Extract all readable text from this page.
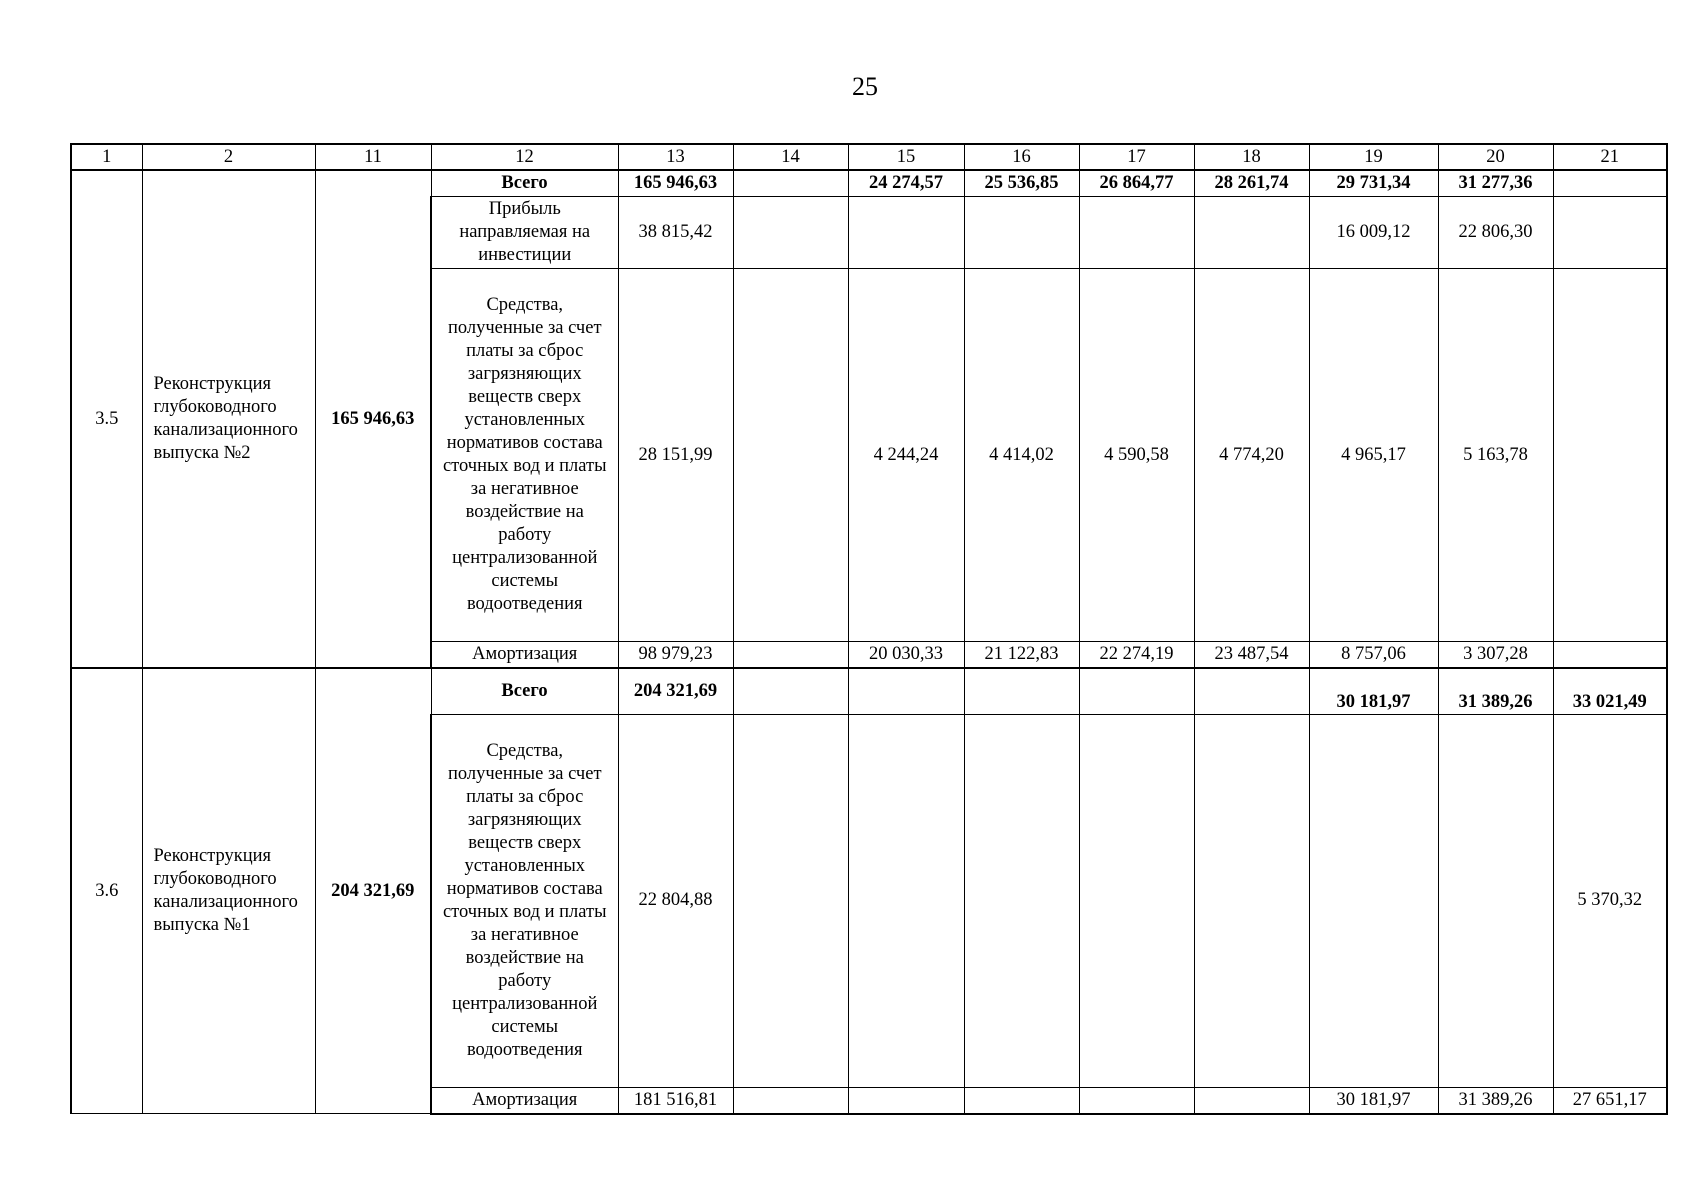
25
1	2	11	12	13	14	15	16	17	18	19	20	21
3.5	Реконструкция глубоководного канализационного выпуска №2	165 946,63	Всего	165 946,63		24 274,57	25 536,85	26 864,77	28 261,74	29 731,34	31 277,36	
			Прибыль направляемая на инвестиции	38 815,42						16 009,12	22 806,30	
			Средства, полученные за счет платы за сброс загрязняющих веществ сверх установленных нормативов состава сточных вод и платы за негативное воздействие на работу централизованной системы водоотведения	28 151,99		4 244,24	4 414,02	4 590,58	4 774,20	4 965,17	5 163,78	
			Амортизация	98 979,23		20 030,33	21 122,83	22 274,19	23 487,54	8 757,06	3 307,28	
3.6	Реконструкция глубоководного канализационного выпуска №1	204 321,69	Всего	204 321,69						30 181,97	31 389,26	33 021,49
			Средства, полученные за счет платы за сброс загрязняющих веществ сверх установленных нормативов состава сточных вод и платы за негативное воздействие на работу централизованной системы водоотведения	22 804,88								5 370,32
			Амортизация	181 516,81						30 181,97	31 389,26	27 651,17
